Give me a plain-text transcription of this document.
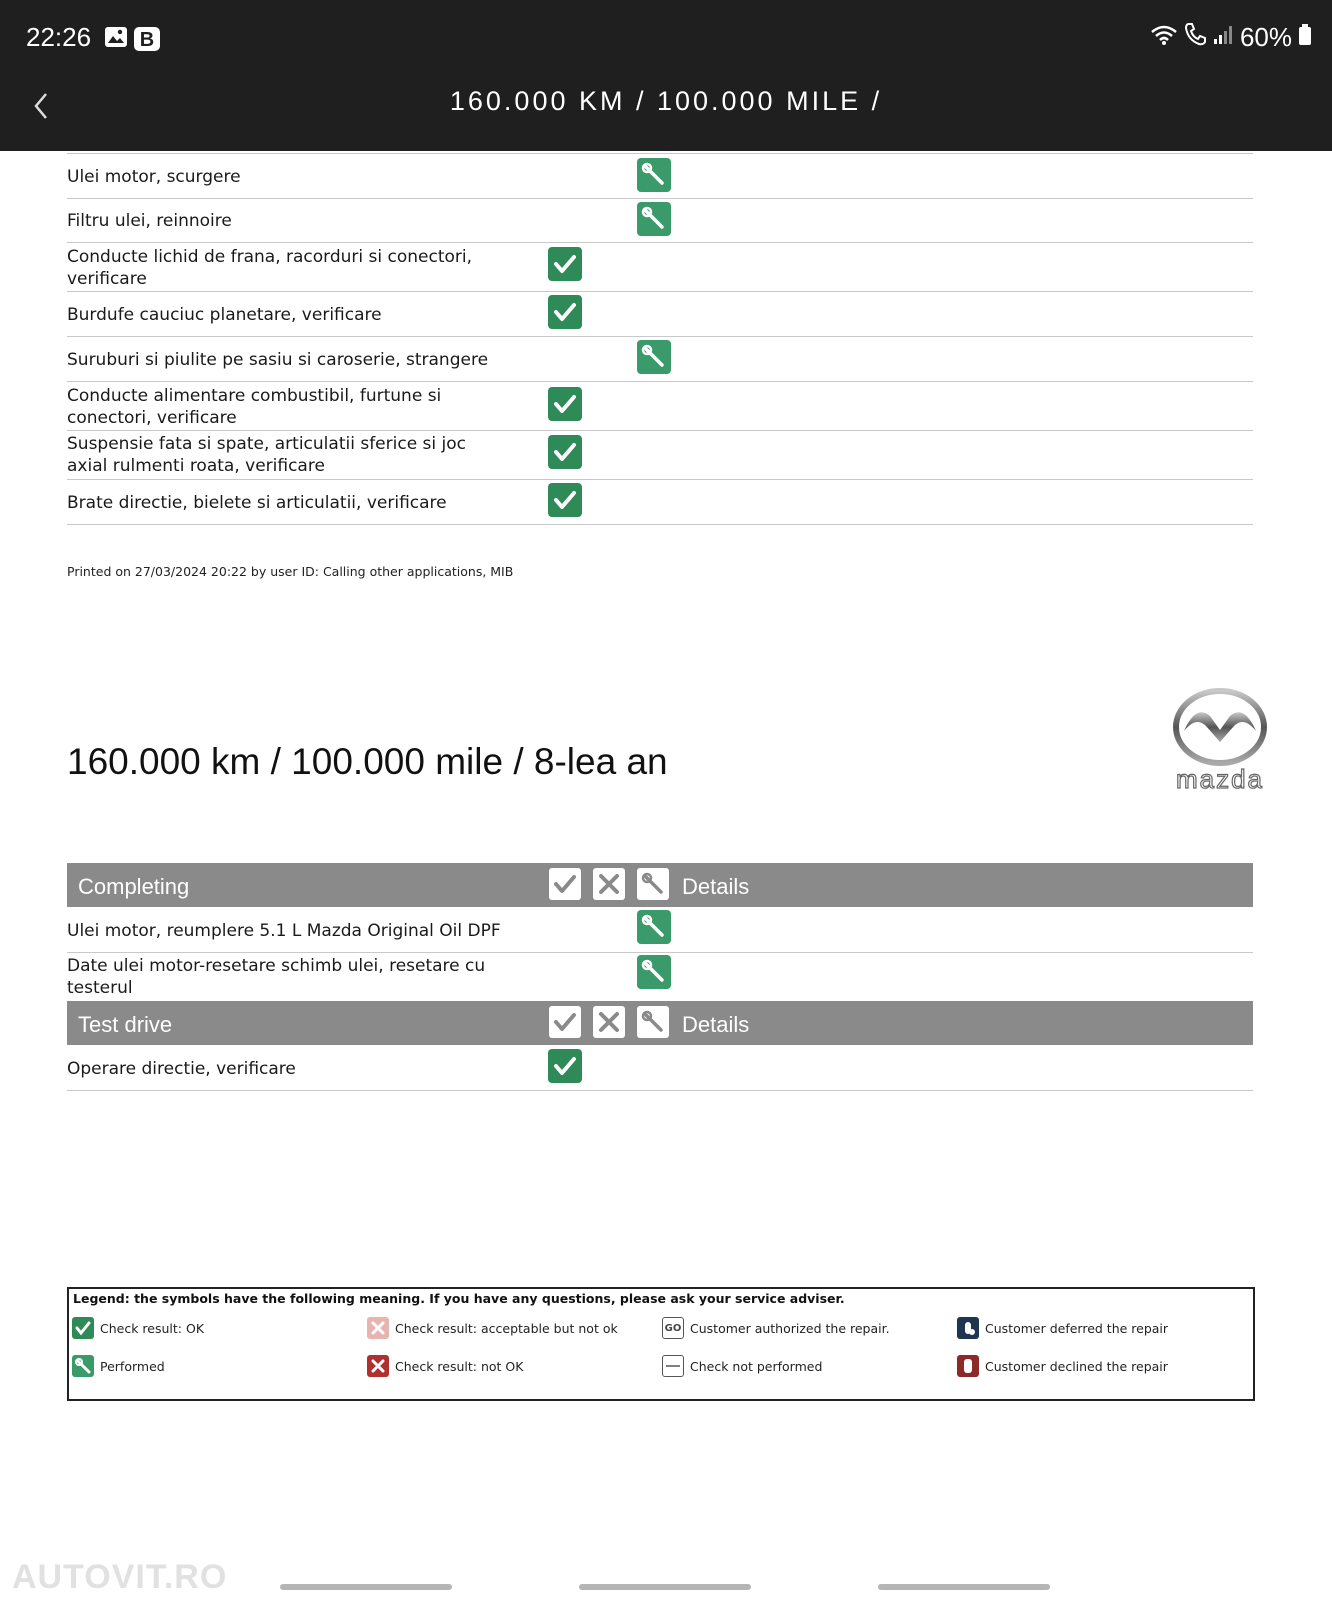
22:26 B	60%
160.000 KM / 100.000 MILE /
Ulei motor, scurgere
Filtru ulei, reinnoire
Conducte lichid de frana, racorduri si conectori, verificare
Burdufe cauciuc planetare, verificare
Suruburi si piulite pe sasiu si caroserie, strangere
Conducte alimentare combustibil, furtune si conectori, verificare
Suspensie fata si spate, articulatii sferice si joc axial rulmenti roata, verificare
Brate directie, bielete si articulatii, verificare
Printed on 27/03/2024 20:22 by user ID: Calling other applications, MIB
160.000 km / 100.000 mile / 8-lea an	mazda
Completing	Details
Ulei motor, reumplere 5.1 L Mazda Original Oil DPF
Date ulei motor-resetare schimb ulei, resetare cu testerul
Test drive	Details
Operare directie, verificare
Legend: the symbols have the following meaning. If you have any questions, please ask your service adviser.
Check result: OK	Check result: acceptable but not ok	GO Customer authorized the repair.	Customer deferred the repair
Performed	Check result: not OK	Check not performed	Customer declined the repair
AUTOVIT.RO
